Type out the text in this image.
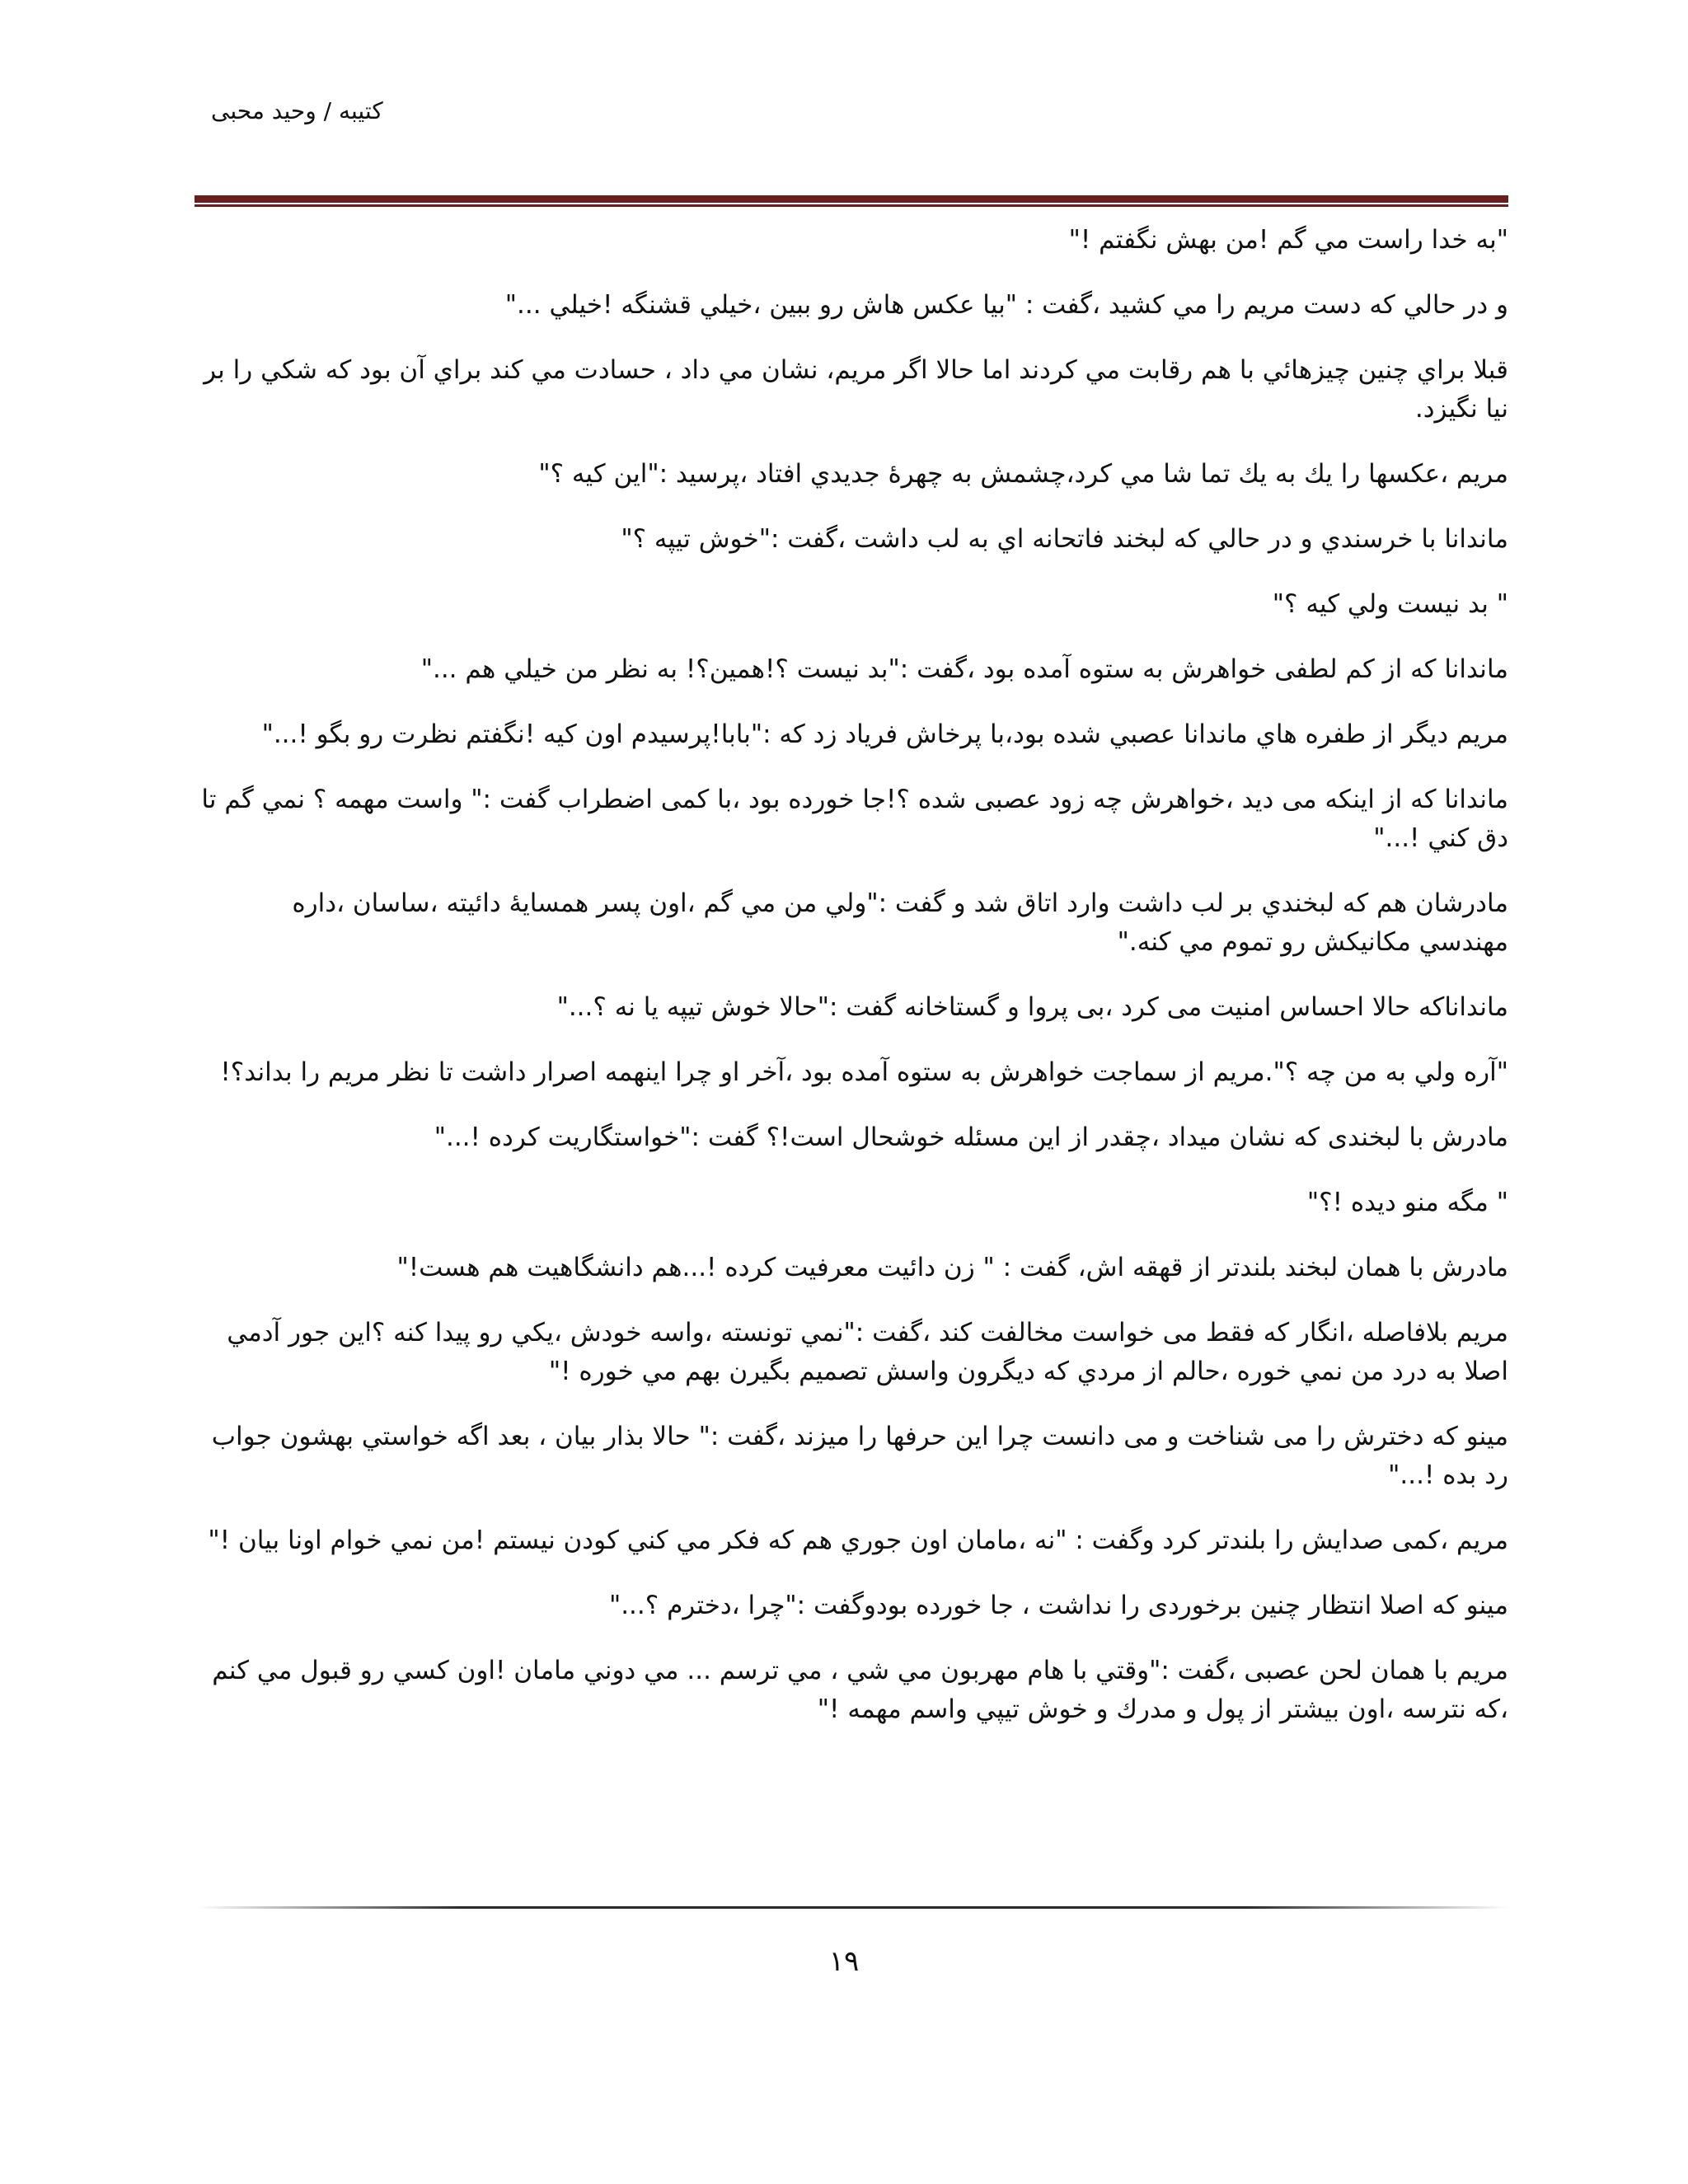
کتیبه / وحید محبی

"به خدا راست مي گم !من بهش نگفتم !"

و در حالي که دست مريم را مي کشيد ،گفت : "بيا عکس هاش رو ببين ،خيلي قشنگه !خيلي ..."

قبلا براي چنين چيزهائي با هم رقابت مي کردند اما حالا اگر مريم، نشان مي داد ، حسادت مي كند براي آن بود که شکي را بر نيا نگيزد.

مريم ،عكسها را يك به يك تما شا مي كرد،چشمش به چهرۀ جديدي افتاد ،پرسيد :"اين کيه ؟"

ماندانا با خرسندي و در حالي که لبخند فاتحانه اي به لب داشت ،گفت :"خوش تيپه ؟"

" بد نيست ولي کيه ؟"

ماندانا که از کم لطفی خواهرش به ستوه آمده بود ،گفت :"بد نيست ؟!همين؟! به نظر من خيلي هم ..."

مريم ديگر از طفره هاي ماندانا عصبي شده بود،با پرخاش فرياد زد که :"بابا!پرسيدم اون کيه !نگفتم نظرت رو بگو !..."

ماندانا که از اينکه می ديد ،خواهرش چه زود عصبی شده ؟!جا خورده بود ،با کمی اضطراب گفت :" واست مهمه ؟ نمي گم تا دق کني !..."

مادرشان هم که لبخندي بر لب داشت وارد اتاق شد و گفت :"ولي من مي گم ،اون پسر همسايۀ دائيته ،ساسان ،داره مهندسي مکانيکش رو تموم مي کنه."

مانداناکه حالا احساس امنيت می کرد ،بی پروا و گستاخانه گفت :"حالا خوش تيپه يا نه ؟..."

"آره ولي به من چه ؟".مريم از سماجت خواهرش به ستوه آمده بود ،آخر او چرا اينهمه اصرار داشت تا نظر مريم را بداند؟!

مادرش با لبخندی که نشان ميداد ،چقدر از اين مسئله خوشحال است!؟ گفت :"خواستگاريت کرده !..."

" مگه منو ديده !؟"

مادرش با همان لبخند بلندتر از قهقه اش، گفت : " زن دائيت معرفيت کرده !...هم دانشگاهيت هم هست!"

مريم بلافاصله ،انگار که فقط می خواست مخالفت کند ،گفت :"نمي تونسته ،واسه خودش ،يکي رو پيدا کنه ؟اين جور آدمي اصلا به درد من نمي خوره ،حالم از مردي که ديگرون واسش تصميم بگيرن بهم مي خوره !"

مينو که دخترش را می شناخت و می دانست چرا اين حرفها را ميزند ،گفت :" حالا بذار بيان ، بعد اگه خواستي بهشون جواب رد بده !..."

مريم ،کمی صدايش را بلندتر کرد وگفت : "نه ،مامان اون جوري هم که فکر مي کني کودن نيستم !من نمي خوام اونا بيان !"

مينو که اصلا انتظار چنين برخوردی را نداشت ، جا خورده بودوگفت :"چرا ،دخترم ؟..."

مريم با همان لحن عصبی ،گفت :"وقتي با هام مهربون مي شي ، مي ترسم ... مي دوني مامان !اون کسي رو قبول مي کنم ،که نترسه ،اون بيشتر از پول و مدرك و خوش تيپي واسم مهمه !"

۱۹
